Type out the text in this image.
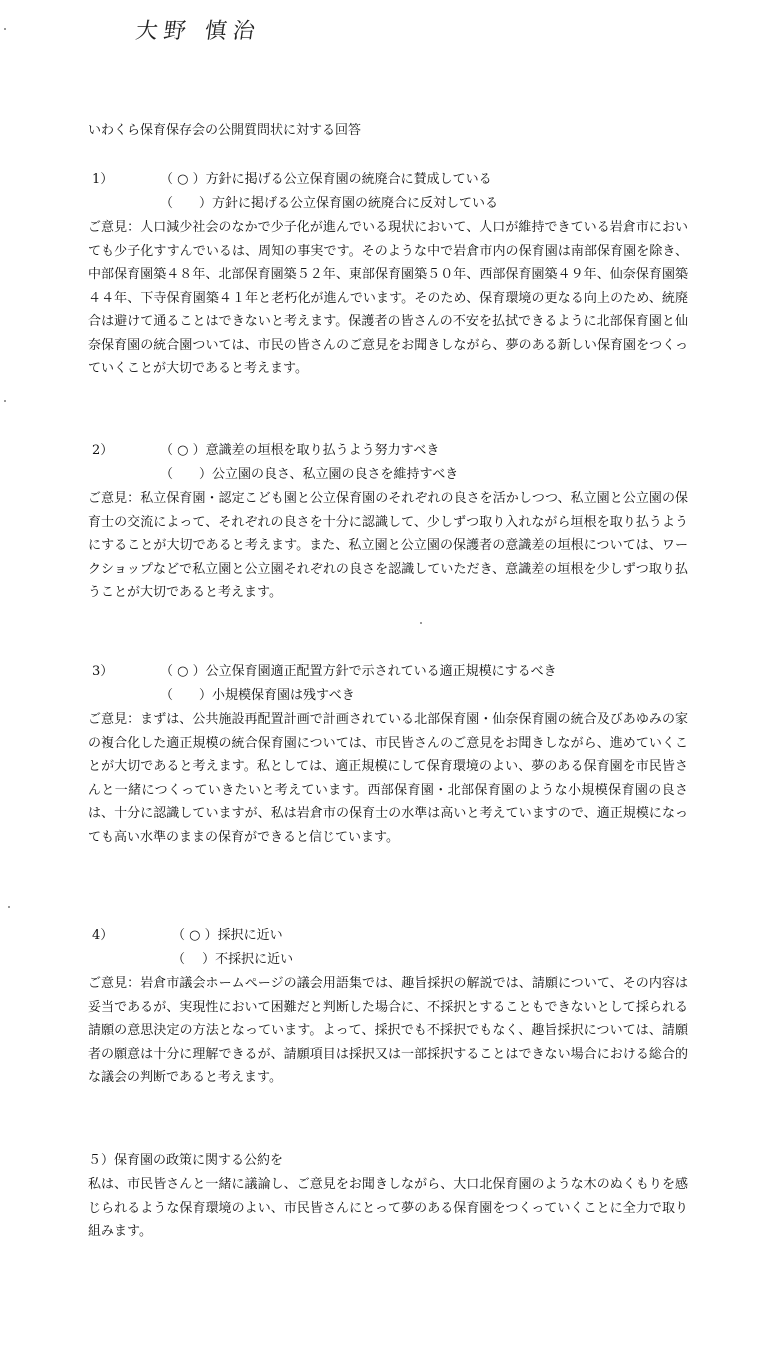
大野 慎治
いわくら保育保存会の公開質問状に対する回答
1）	（ ○ ）方針に掲げる公立保育園の統廃合に賛成している
（　　）方針に掲げる公立保育園の統廃合に反対している

ご意見：人口減少社会のなかで少子化が進んでいる現状において、人口が維持できている岩倉市においても少子化すすんでいるは、周知の事実です。そのような中で岩倉市内の保育園は南部保育園を除き、中部保育園築４８年、北部保育園築５２年、東部保育園築５０年、西部保育園築４９年、仙奈保育園築４４年、下寺保育園築４１年と老朽化が進んでいます。そのため、保育環境の更なる向上のため、統廃合は避けて通ることはできないと考えます。保護者の皆さんの不安を払拭できるように北部保育園と仙奈保育園の統合園ついては、市民の皆さんのご意見をお聞きしながら、夢のある新しい保育園をつくっていくことが大切であると考えます。

2）	（ ○ ）意識差の垣根を取り払うよう努力すべき
（　　）公立園の良さ、私立園の良さを維持すべき

ご意見：私立保育園・認定こども園と公立保育園のそれぞれの良さを活かしつつ、私立園と公立園の保育士の交流によって、それぞれの良さを十分に認識して、少しずつ取り入れながら垣根を取り払うようにすることが大切であると考えます。また、私立園と公立園の保護者の意識差の垣根については、ワークショップなどで私立園と公立園それぞれの良さを認識していただき、意識差の垣根を少しずつ取り払うことが大切であると考えます。

3）	（ ○ ）公立保育園適正配置方針で示されている適正規模にするべき
（　　）小規模保育園は残すべき

ご意見：まずは、公共施設再配置計画で計画されている北部保育園・仙奈保育園の統合及びあゆみの家の複合化した適正規模の統合保育園については、市民皆さんのご意見をお聞きしながら、進めていくことが大切であると考えます。私としては、適正規模にして保育環境のよい、夢のある保育園を市民皆さんと一緒につくっていきたいと考えています。西部保育園・北部保育園のような小規模保育園の良さは、十分に認識していますが、私は岩倉市の保育士の水準は高いと考えていますので、適正規模になっても高い水準のままの保育ができると信じています。

4）	（ ○ ）採択に近い
（　 ）不採択に近い

ご意見：岩倉市議会ホームページの議会用語集では、趣旨採択の解説では、請願について、その内容は妥当であるが、実現性において困難だと判断した場合に、不採択とすることもできないとして採られる請願の意思決定の方法となっています。よって、採択でも不採択でもなく、趣旨採択については、請願者の願意は十分に理解できるが、請願項目は採択又は一部採択することはできない場合における総合的な議会の判断であると考えます。

５）保育園の政策に関する公約を

私は、市民皆さんと一緒に議論し、ご意見をお聞きしながら、大口北保育園のような木のぬくもりを感じられるような保育環境のよい、市民皆さんにとって夢のある保育園をつくっていくことに全力で取り組みます。
